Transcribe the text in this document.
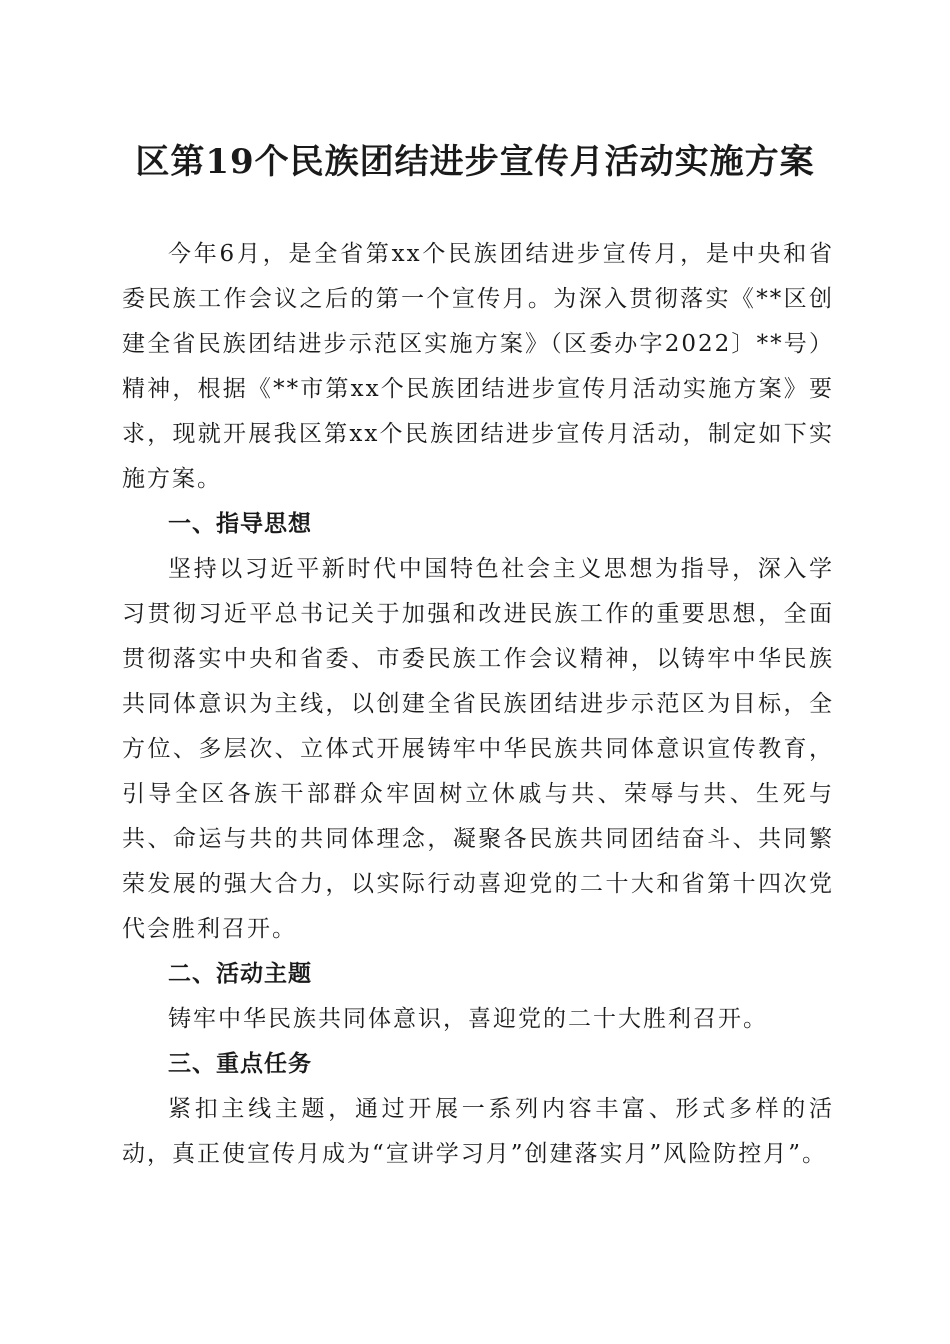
区第19个民族团结进步宣传月活动实施方案

今年6月，是全省第xx个民族团结进步宣传月，是中央和省委民族工作会议之后的第一个宣传月。为深入贯彻落实《**区创建全省民族团结进步示范区实施方案》（区委办字2022〕**号）精神，根据《**市第xx个民族团结进步宣传月活动实施方案》要求，现就开展我区第xx个民族团结进步宣传月活动，制定如下实施方案。

一、指导思想

坚持以习近平新时代中国特色社会主义思想为指导，深入学习贯彻习近平总书记关于加强和改进民族工作的重要思想，全面贯彻落实中央和省委、市委民族工作会议精神，以铸牢中华民族共同体意识为主线，以创建全省民族团结进步示范区为目标，全方位、多层次、立体式开展铸牢中华民族共同体意识宣传教育，引导全区各族干部群众牢固树立休戚与共、荣辱与共、生死与共、命运与共的共同体理念，凝聚各民族共同团结奋斗、共同繁荣发展的强大合力，以实际行动喜迎党的二十大和省第十四次党代会胜利召开。

二、活动主题

铸牢中华民族共同体意识，喜迎党的二十大胜利召开。

三、重点任务

紧扣主线主题，通过开展一系列内容丰富、形式多样的活动，真正使宣传月成为“宣讲学习月”创建落实月”风险防控月”。
